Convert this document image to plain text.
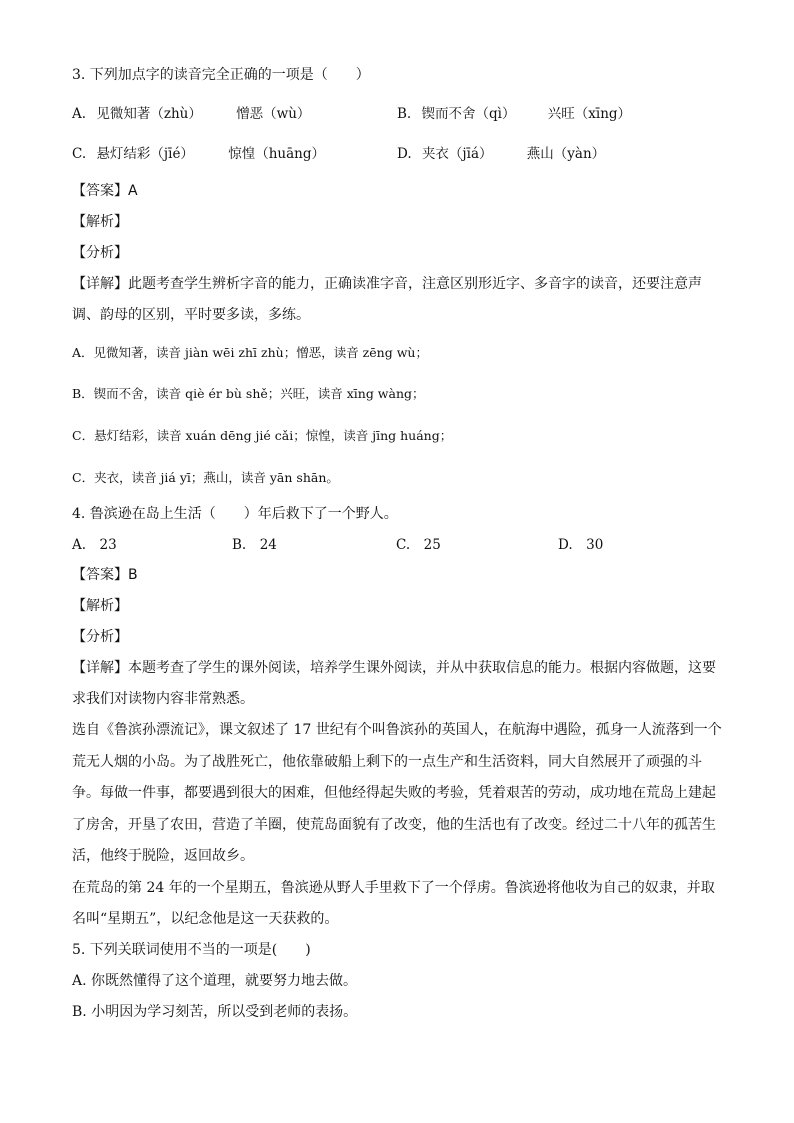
3. 下列加点字的读音完全正确的一项是（　　）
A. 见微知著（zhù）	憎恶（wù）	B. 锲而不舍（qì） 兴旺（xīng）
C. 悬灯结彩（jīé）	惊惶（huāng）	D. 夹衣（jīá）	燕山（yàn）
【答案】A
【解析】
【分析】
【详解】此题考查学生辨析字音的能力，正确读准字音，注意区别形近字、多音字的读音，还要注意声
调、韵母的区别，平时要多读，多练。
A．见微知著，读音 jiàn wēi zhī zhù；憎恶，读音 zēng wù；
B．锲而不舍，读音 qiè ér bù shě；兴旺，读音 xīng wàng；
C．悬灯结彩，读音 xuán dēng jié cǎi；惊惶，读音 jīng huáng；
C．夹衣，读音 jiá yī；燕山，读音 yān shān。
4. 鲁滨逊在岛上生活（　　）年后救下了一个野人。
A.　23	B.　24	C.　25	D.　30
【答案】B
【解析】
【分析】
【详解】本题考查了学生的课外阅读，培养学生课外阅读，并从中获取信息的能力。根据内容做题，这要
求我们对读物内容非常熟悉。
选自《鲁滨孙漂流记》，课文叙述了 17 世纪有个叫鲁滨孙的英国人，在航海中遇险，孤身一人流落到一个
荒无人烟的小岛。为了战胜死亡，他依靠破船上剩下的一点生产和生活资料，同大自然展开了顽强的斗
争。每做一件事，都要遇到很大的困难，但他经得起失败的考验，凭着艰苦的劳动，成功地在荒岛上建起
了房舍，开垦了农田，营造了羊圈，使荒岛面貌有了改变，他的生活也有了改变。经过二十八年的孤苦生
活，他终于脱险，返回故乡。
在荒岛的第 24 年的一个星期五，鲁滨逊从野人手里救下了一个俘虏。鲁滨逊将他收为自己的奴隶，并取
名叫“星期五”，以纪念他是这一天获救的。
5. 下列关联词使用不当的一项是(　　)
A. 你既然懂得了这个道理，就要努力地去做。
B. 小明因为学习刻苦，所以受到老师的表扬。
